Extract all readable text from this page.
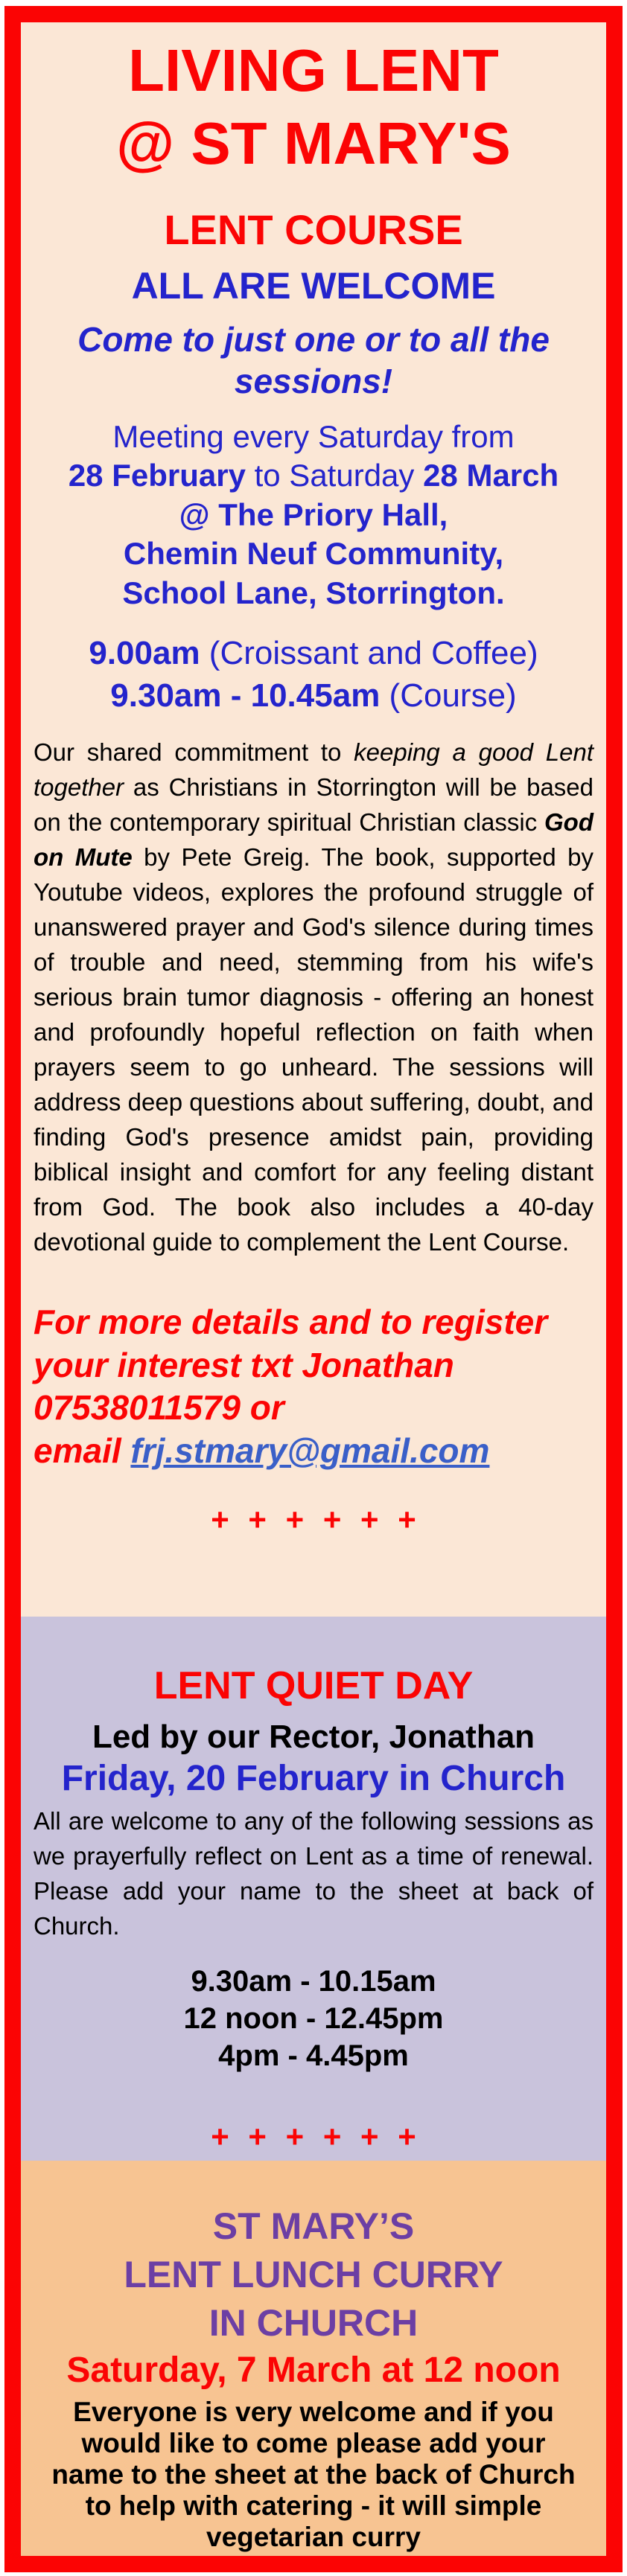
LIVING LENT
@ ST MARY'S
LENT COURSE
ALL ARE WELCOME
Come to just one or to all the
sessions!
Meeting every Saturday from
28 February to Saturday 28 March
@ The Priory Hall,
Chemin Neuf Community,
School Lane, Storrington.
9.00am (Croissant and Coffee)
9.30am - 10.45am (Course)

Our shared commitment to keeping a good Lent together as Christians in Storrington will be based on the contemporary spiritual Christian classic God on Mute by Pete Greig. The book, supported by Youtube videos, explores the profound struggle of unanswered prayer and God's silence during times of trouble and need, stemming from his wife's serious brain tumor diagnosis - offering an honest and profoundly hopeful reflection on faith when prayers seem to go unheard. The sessions will address deep questions about suffering, doubt, and finding God's presence amidst pain, providing biblical insight and comfort for any feeling distant from God. The book also includes a 40-day devotional guide to complement the Lent Course.

For more details and to register
your interest txt Jonathan
07538011579 or
email frj.stmary@gmail.com
+ + + + + +
LENT QUIET DAY
Led by our Rector, Jonathan
Friday, 20 February in Church

All are welcome to any of the following sessions as we prayerfully reflect on Lent as a time of renewal. Please add your name to the sheet at back of Church.

9.30am - 10.15am
12 noon - 12.45pm
4pm - 4.45pm
+ + + + + +
ST MARY’S
LENT LUNCH CURRY
IN CHURCH
Saturday, 7 March at 12 noon

Everyone is very welcome and if you would like to come please add your name to the sheet at the back of Church to help with catering - it will simple vegetarian curry
